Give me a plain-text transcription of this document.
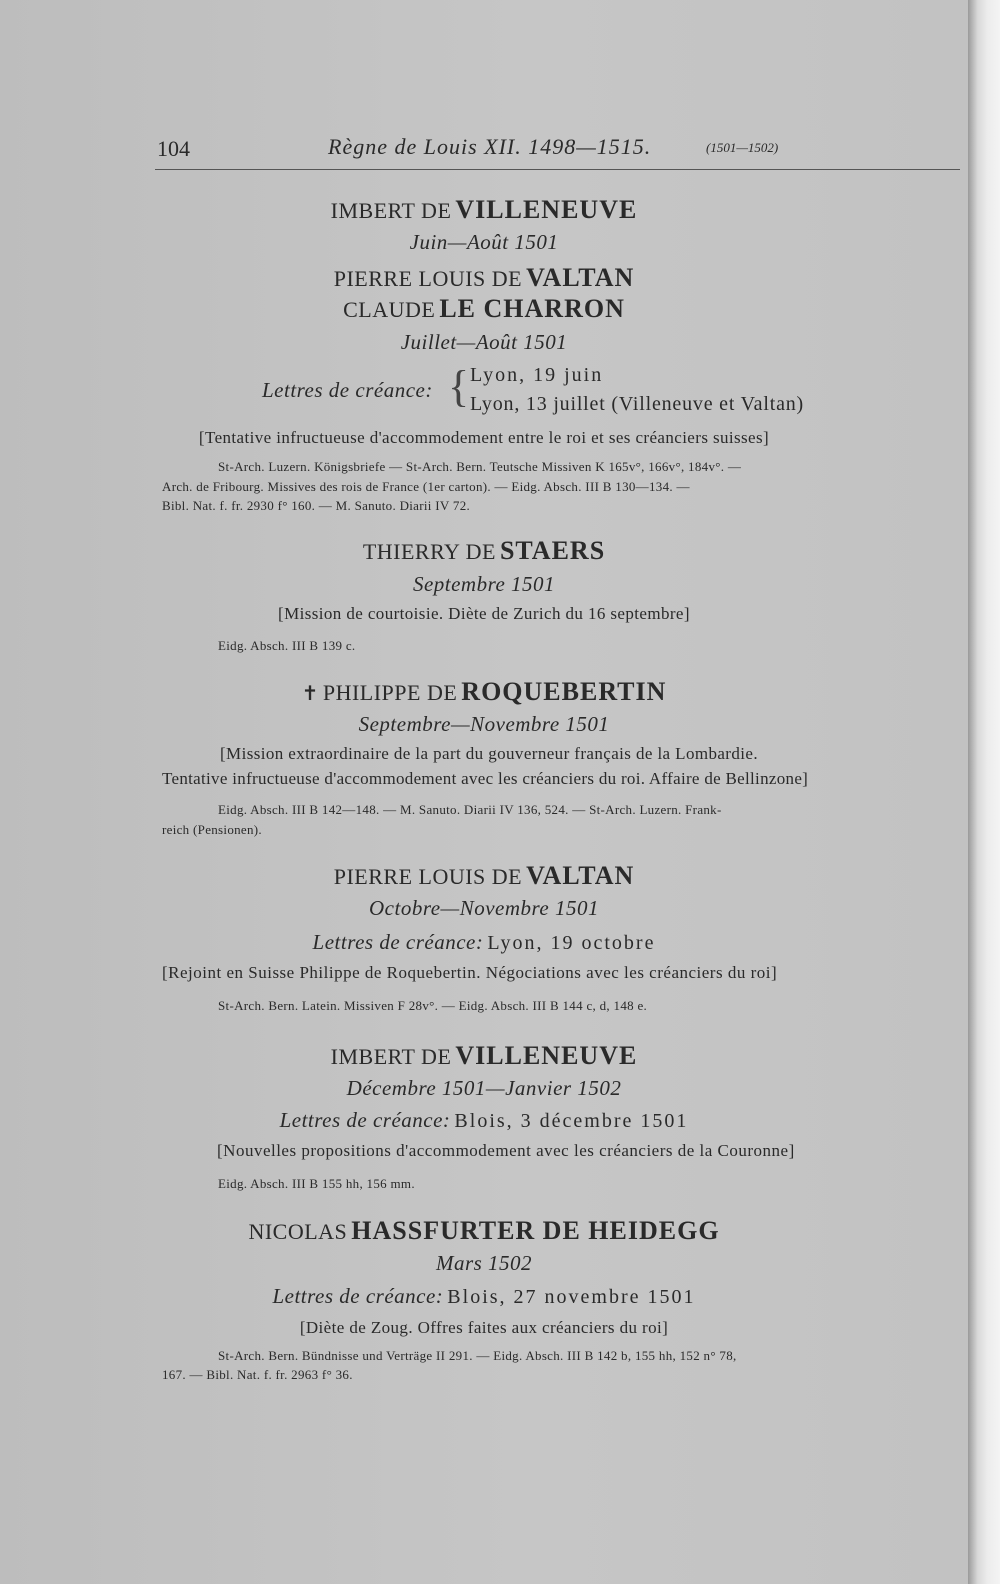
104	Règne de Louis XII. 1498—1515.	(1501—1502)
IMBERT DE VILLENEUVE
Juin—Août 1501
PIERRE LOUIS DE VALTAN
CLAUDE LE CHARRON
Juillet—Août 1501
Lettres de créance: { Lyon, 19 juin
Lyon, 13 juillet (Villeneuve et Valtan)
[Tentative infructueuse d'accommodement entre le roi et ses créanciers suisses]
St-Arch. Luzern. Königsbriefe — St-Arch. Bern. Teutsche Missiven K 165v°, 166v°, 184v°. —
Arch. de Fribourg. Missives des rois de France (1er carton). — Eidg. Absch. III B 130—134. —
Bibl. Nat. f. fr. 2930 f° 160. — M. Sanuto. Diarii IV 72.
THIERRY DE STAERS
Septembre 1501
[Mission de courtoisie. Diète de Zurich du 16 septembre]
Eidg. Absch. III B 139 c.
✝ PHILIPPE DE ROQUEBERTIN
Septembre—Novembre 1501
[Mission extraordinaire de la part du gouverneur français de la Lombardie.
Tentative infructueuse d'accommodement avec les créanciers du roi. Affaire de Bellinzone]
Eidg. Absch. III B 142—148. — M. Sanuto. Diarii IV 136, 524. — St-Arch. Luzern. Frank-
reich (Pensionen).
PIERRE LOUIS DE VALTAN
Octobre—Novembre 1501
Lettres de créance: Lyon, 19 octobre
[Rejoint en Suisse Philippe de Roquebertin. Négociations avec les créanciers du roi]
St-Arch. Bern. Latein. Missiven F 28v°. — Eidg. Absch. III B 144 c, d, 148 e.
IMBERT DE VILLENEUVE
Décembre 1501—Janvier 1502
Lettres de créance: Blois, 3 décembre 1501
[Nouvelles propositions d'accommodement avec les créanciers de la Couronne]
Eidg. Absch. III B 155 hh, 156 mm.
NICOLAS HASSFURTER DE HEIDEGG
Mars 1502
Lettres de créance: Blois, 27 novembre 1501
[Diète de Zoug. Offres faites aux créanciers du roi]
St-Arch. Bern. Bündnisse und Verträge II 291. — Eidg. Absch. III B 142 b, 155 hh, 152 n° 78,
167. — Bibl. Nat. f. fr. 2963 f° 36.
